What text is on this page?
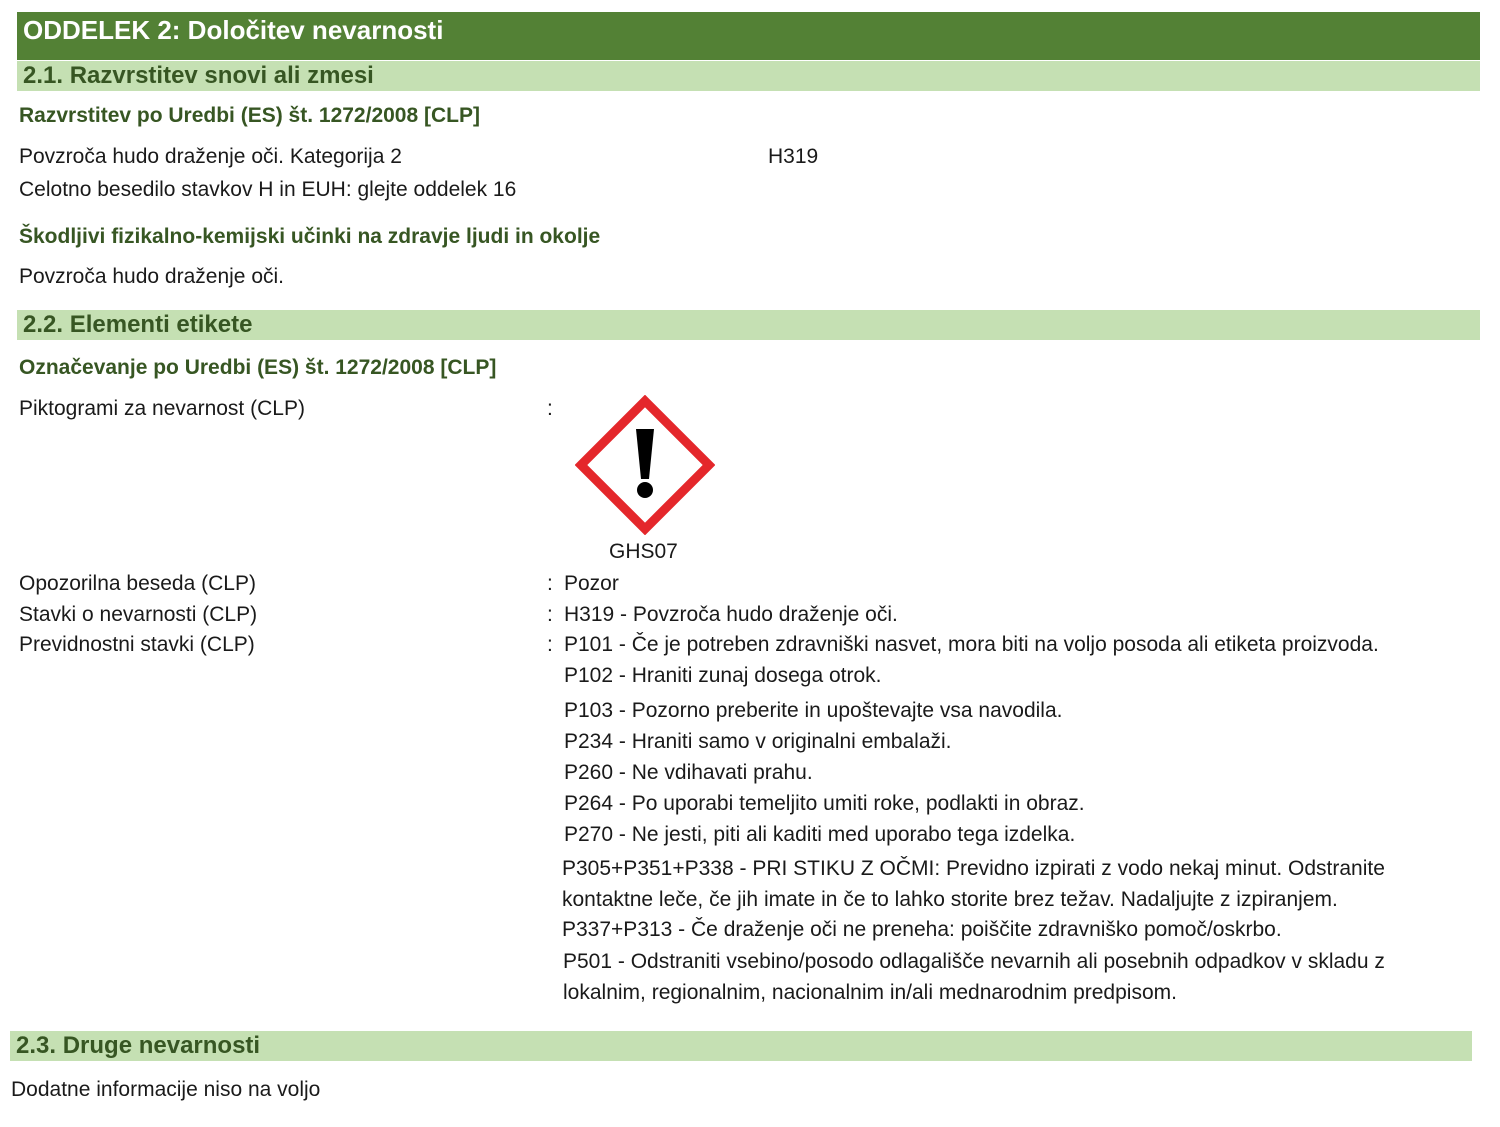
ODDELEK 2: Določitev nevarnosti
2.1. Razvrstitev snovi ali zmesi
Razvrstitev po Uredbi (ES) št. 1272/2008 [CLP]
Povzroča hudo draženje oči. Kategorija 2	H319
Celotno besedilo stavkov H in EUH: glejte oddelek 16
Škodljivi fizikalno-kemijski učinki na zdravje ljudi in okolje
Povzroča hudo draženje oči.
2.2. Elementi etikete
Označevanje po Uredbi (ES) št. 1272/2008 [CLP]
Piktogrami za nevarnost (CLP)	:
GHS07
Opozorilna beseda (CLP)	: Pozor
Stavki o nevarnosti (CLP)	: H319 - Povzroča hudo draženje oči.
Previdnostni stavki (CLP)	: P101 - Če je potreben zdravniški nasvet, mora biti na voljo posoda ali etiketa proizvoda.
P102 - Hraniti zunaj dosega otrok.
P103 - Pozorno preberite in upoštevajte vsa navodila.
P234 - Hraniti samo v originalni embalaži.
P260 - Ne vdihavati prahu.
P264 - Po uporabi temeljito umiti roke, podlakti in obraz.
P270 - Ne jesti, piti ali kaditi med uporabo tega izdelka.
P305+P351+P338 - PRI STIKU Z OČMI: Previdno izpirati z vodo nekaj minut. Odstranite
kontaktne leče, če jih imate in če to lahko storite brez težav. Nadaljujte z izpiranjem.
P337+P313 - Če draženje oči ne preneha: poiščite zdravniško pomoč/oskrbo.
P501 - Odstraniti vsebino/posodo odlagališče nevarnih ali posebnih odpadkov v skladu z
lokalnim, regionalnim, nacionalnim in/ali mednarodnim predpisom.
2.3. Druge nevarnosti
Dodatne informacije niso na voljo
